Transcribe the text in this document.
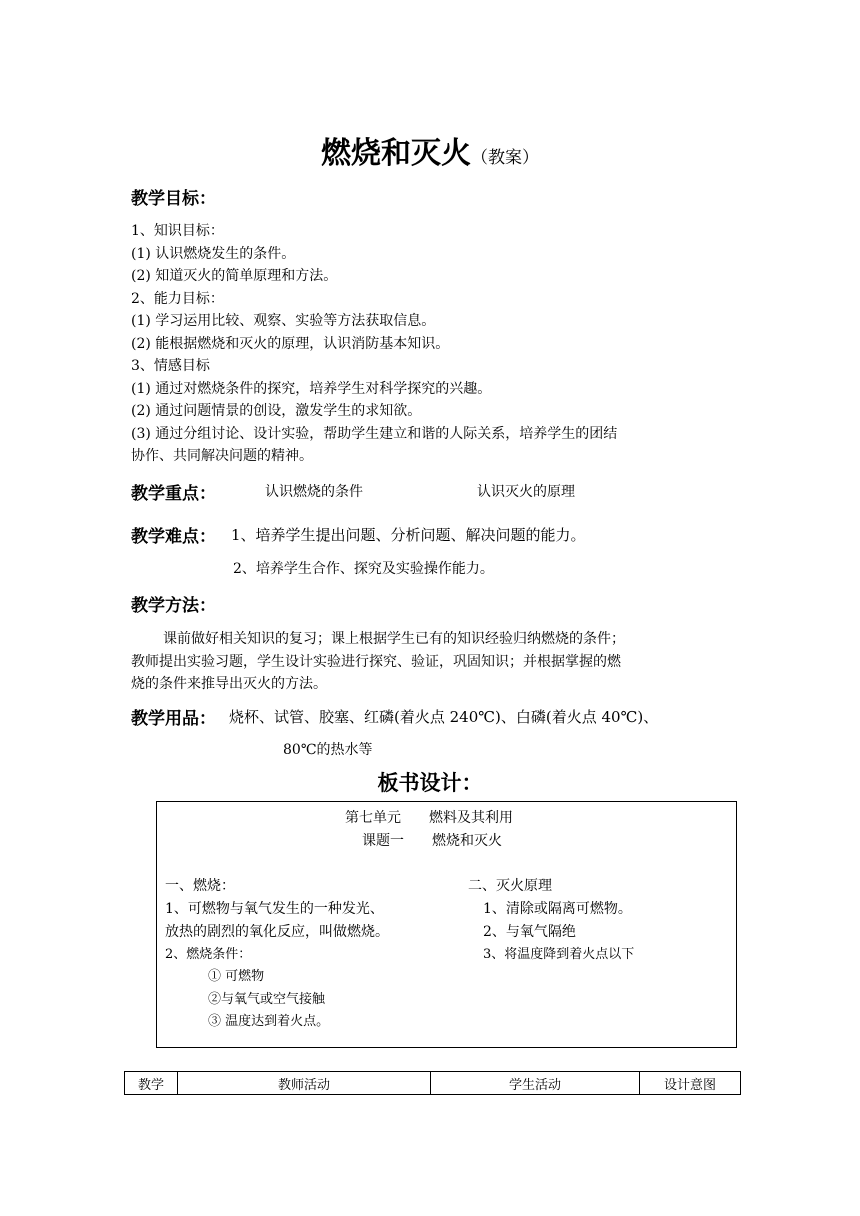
燃烧和灭火（教案）
教学目标：
1、知识目标：
(1) 认识燃烧发生的条件。
(2) 知道灭火的简单原理和方法。
2、能力目标：
(1) 学习运用比较、观察、实验等方法获取信息。
(2) 能根据燃烧和灭火的原理，认识消防基本知识。
3、情感目标
(1) 通过对燃烧条件的探究，培养学生对科学探究的兴趣。
(2) 通过问题情景的创设，激发学生的求知欲。
(3) 通过分组讨论、设计实验，帮助学生建立和谐的人际关系，培养学生的团结
协作、共同解决问题的精神。
教学重点：	认识燃烧的条件	认识灭火的原理
教学难点： 1、培养学生提出问题、分析问题、解决问题的能力。
2、培养学生合作、探究及实验操作能力。
教学方法：
课前做好相关知识的复习；课上根据学生已有的知识经验归纳燃烧的条件；
教师提出实验习题，学生设计实验进行探究、验证，巩固知识；并根据掌握的燃
烧的条件来推导出灭火的方法。
教学用品： 烧杯、试管、胶塞、红磷(着火点 240℃)、白磷(着火点 40℃)、
80℃的热水等
板书设计：
第七单元　　燃料及其利用
课题一　　燃烧和灭火
一、燃烧：
1、可燃物与氧气发生的一种发光、
放热的剧烈的氧化反应，叫做燃烧。
2、燃烧条件：
① 可燃物
②与氧气或空气接触
③ 温度达到着火点。
二、灭火原理
1、清除或隔离可燃物。
2、与氧气隔绝
3、将温度降到着火点以下
教学	教师活动	学生活动	设计意图
